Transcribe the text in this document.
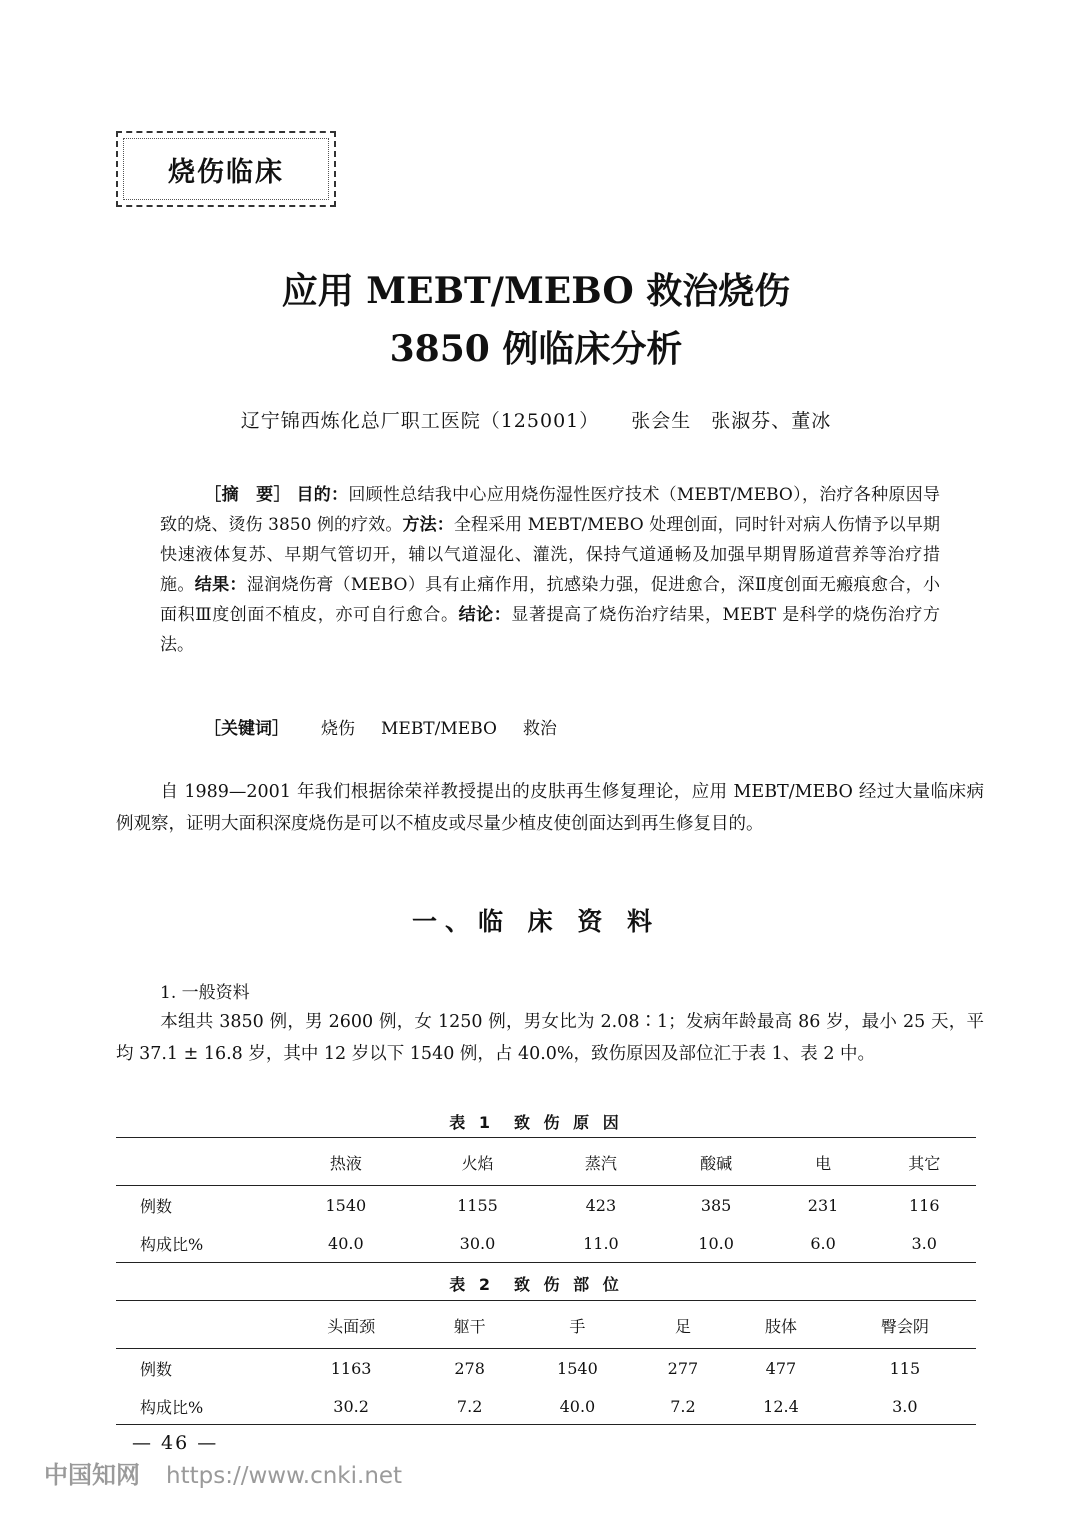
烧伤临床
应用 MEBT/MEBO 救治烧伤
3850 例临床分析
辽宁锦西炼化总厂职工医院（125001） 张会生　张淑芬、董冰
［摘　要］ 目的：回顾性总结我中心应用烧伤湿性医疗技术（MEBT/MEBO），治疗各种原因导致的烧、烫伤 3850 例的疗效。方法：全程采用 MEBT/MEBO 处理创面，同时针对病人伤情予以早期快速液体复苏、早期气管切开，辅以气道湿化、灌洗，保持气道通畅及加强早期胃肠道营养等治疗措施。结果：湿润烧伤膏（MEBO）具有止痛作用，抗感染力强，促进愈合，深Ⅱ度创面无瘢痕愈合，小面积Ⅲ度创面不植皮，亦可自行愈合。结论：显著提高了烧伤治疗结果，MEBT 是科学的烧伤治疗方法。
［关键词］ 烧伤 MEBT/MEBO 救治
自 1989—2001 年我们根据徐荣祥教授提出的皮肤再生修复理论，应用 MEBT/MEBO 经过大量临床病例观察，证明大面积深度烧伤是可以不植皮或尽量少植皮使创面达到再生修复目的。
一、临 床 资 料
1. 一般资料
本组共 3850 例，男 2600 例，女 1250 例，男女比为 2.08∶1；发病年龄最高 86 岁，最小 25 天，平均 37.1 ± 16.8 岁，其中 12 岁以下 1540 例，占 40.0%，致伤原因及部位汇于表 1、表 2 中。
表 1　致 伤 原 因
	热液	火焰	蒸汽	酸碱	电	其它
例数	1540	1155	423	385	231	116
构成比%	40.0	30.0	11.0	10.0	6.0	3.0
表 2　致 伤 部 位
	头面颈	躯干	手	足	肢体	臀会阴
例数	1163	278	1540	277	477	115
构成比%	30.2	7.2	40.0	7.2	12.4	3.0
— 46 —
中国知网 https://www.cnki.net
